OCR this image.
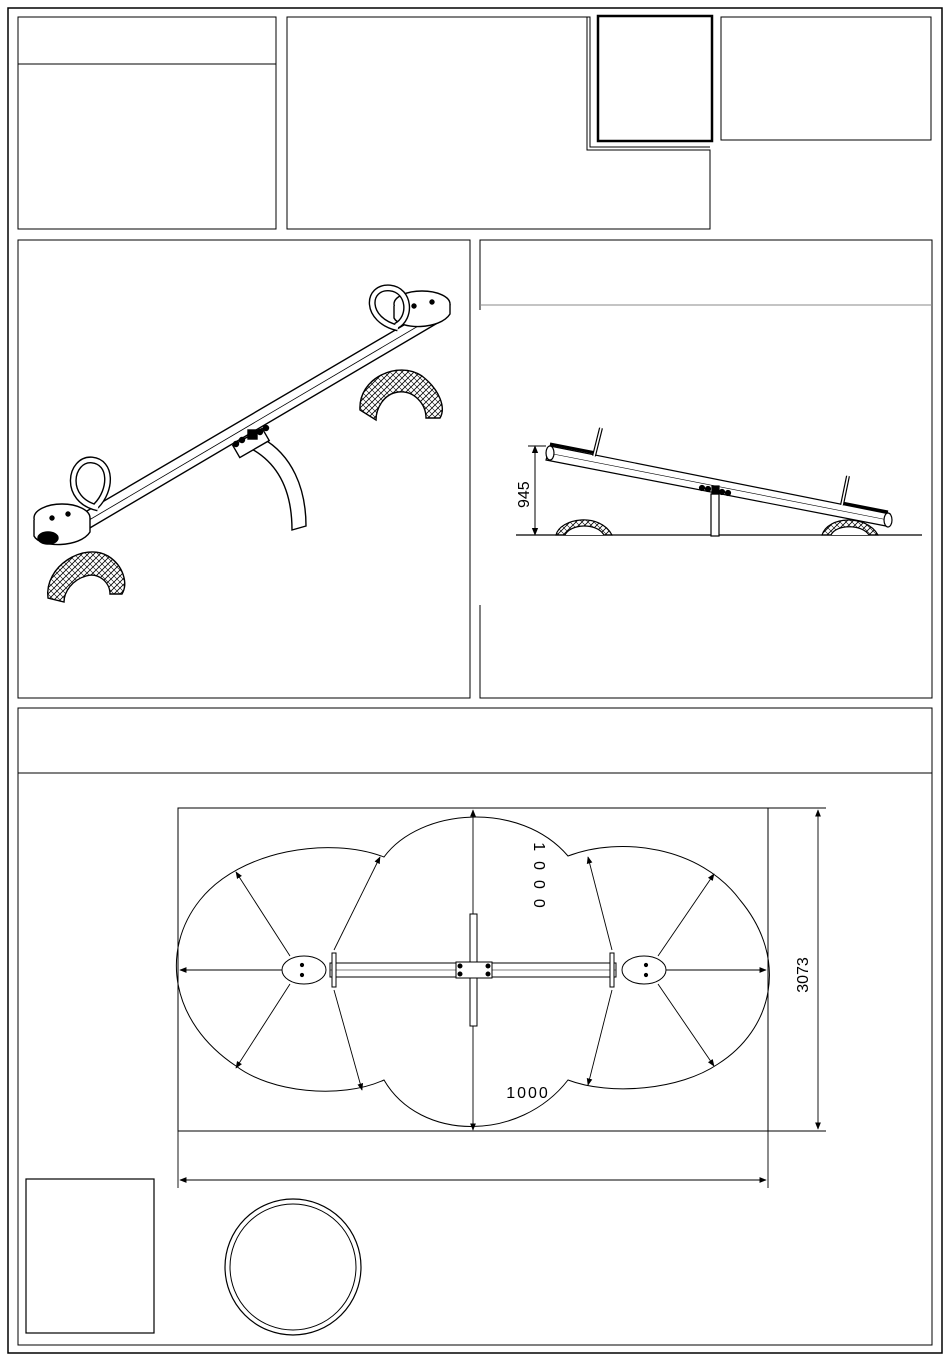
945
1000
1000
3073
